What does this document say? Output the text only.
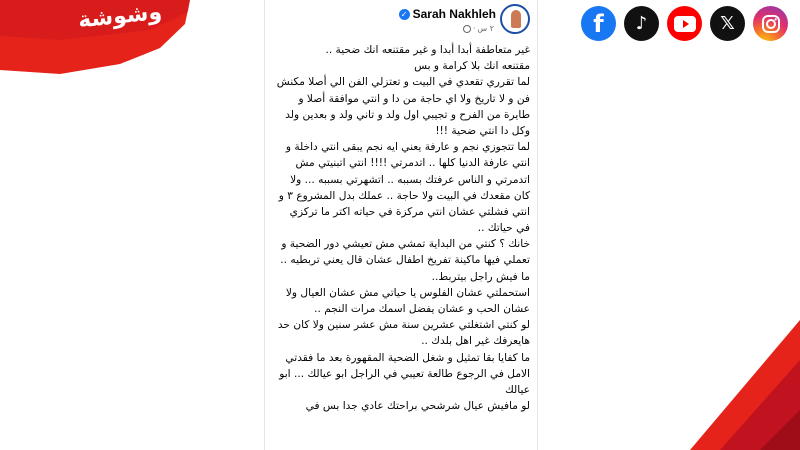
وشوشة	f	♪	𝕏
✓ Sarah Nakhleh
٢ س
·
غير متعاطفة أبدا أبدا و غير مقتنعه انك ضحية ..
مقتنعه انك بلا كرامة و بس
لما تقرري تقعدي في البيت و تعتزلي الفن الي أصلا مكنش
فن و لا تاريخ ولا اي حاجة من دا و انتي موافقة أصلا و
طايرة من الفرح و تجيبي اول ولد و تاني ولد و بعدين ولد
وكل دا انتي ضحية !!!
لما تتجوزي نجم و عارفة يعني ايه نجم يبقى انتي داخلة و
انتي عارفة الدنيا كلها .. اتدمرتي !!!! انتي اتبنيتي مش
اتدمرتي و الناس عرفتك بسببه .. اتشهرتي بسببه ... ولا
كان مقعدك في البيت ولا حاجة .. عملك بدل المشروع ٣ و
انتي فشلتي عشان انتي مركزة في حياته اكتر ما تركزي
في حياتك ..
خانك ؟ كنتي من البداية تمشي مش تعيشي دور الضحية و
تعملي فيها ماكينة تفريخ اطفال عشان قال يعني تربطيه ..
ما فيش راجل بيتربط..
استحملتي عشان الفلوس يا حياتي مش عشان العيال ولا
عشان الحب و عشان يفضل اسمك مرات النجم ..
لو كنتي اشتغلتي عشرين سنة مش عشر سنين ولا كان حد
هايعرفك غير اهل بلدك ..
ما كفايا بقا تمثيل و شغل الضحية المقهورة بعد ما فقدتي
الامل في الرجوع طالعة تعيبي في الراجل ابو عيالك ... ابو
عيالك
لو مافيش عيال شرشحي براحتك عادي جدا بس في
